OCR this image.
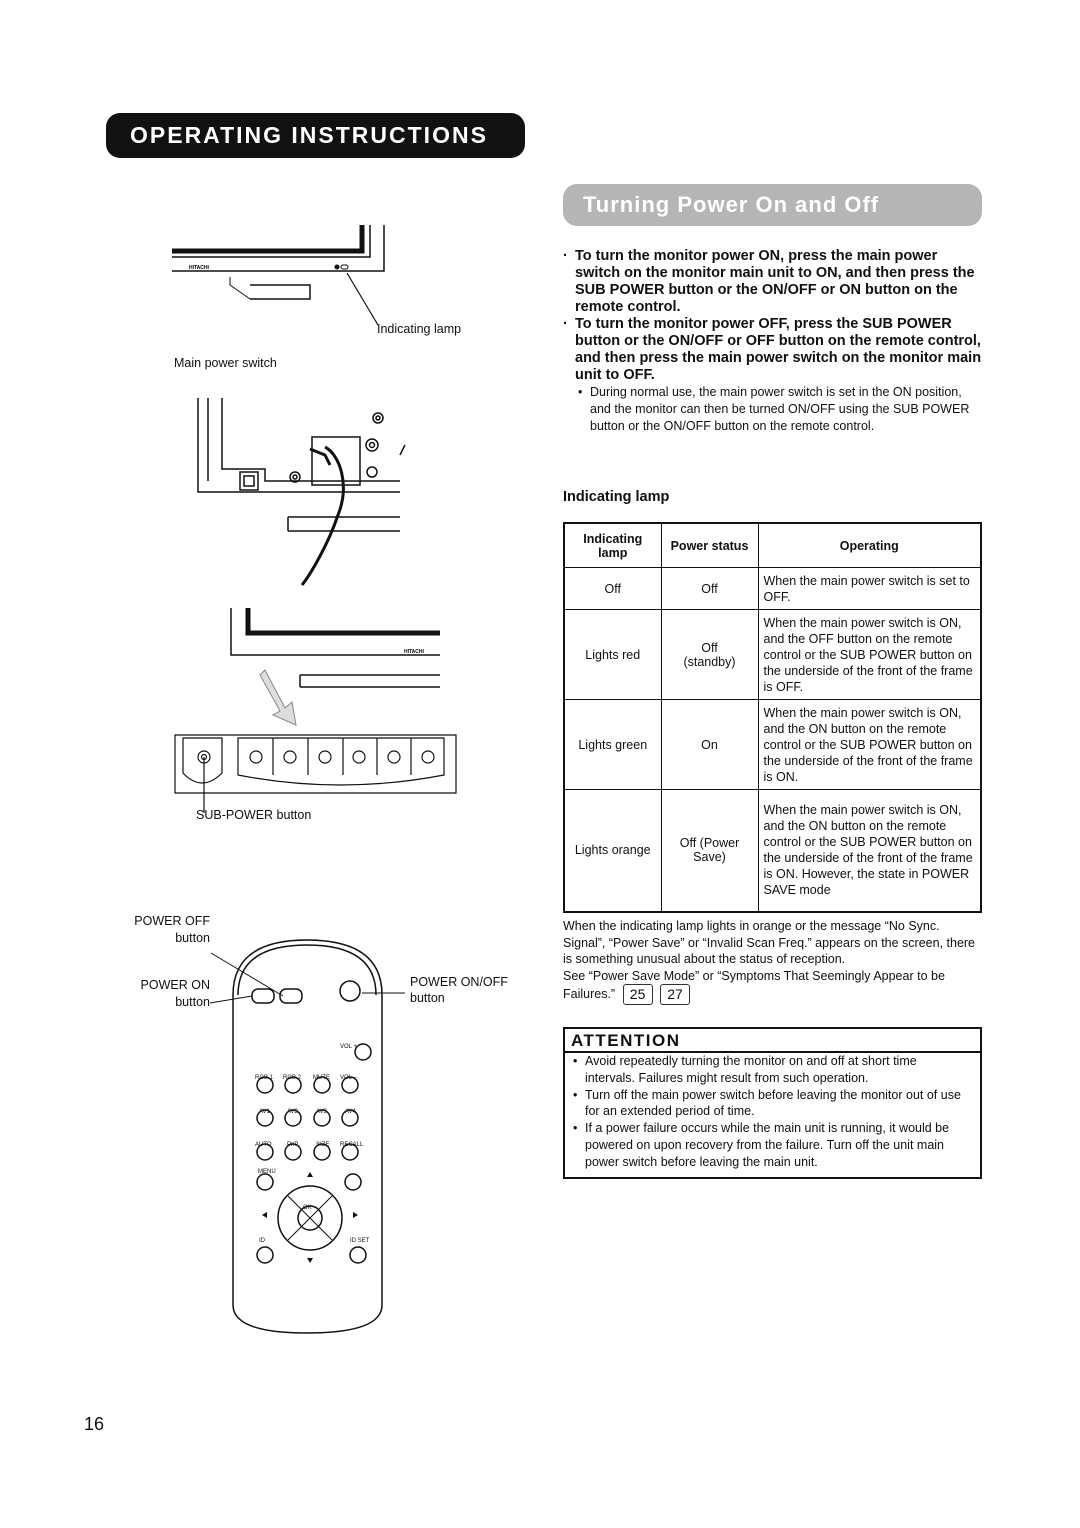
OPERATING INSTRUCTIONS
Turning Power On and Off
· To turn the monitor power ON, press the main power switch on the monitor main unit to ON, and then press the SUB POWER button or the ON/OFF or ON button on the remote control.
· To turn the monitor power OFF, press the SUB POWER button or the ON/OFF or OFF button on the remote control, and then press the main power switch on the monitor main unit to OFF.
• During normal use, the main power switch is set in the ON position, and the monitor can then be turned ON/OFF using the SUB POWER button or the ON/OFF button on the remote control.
Indicating lamp
Indicating lamp	Power status	Operating
Off	Off	When the main power switch is set to OFF.
Lights red	Off (standby)	When the main power switch is ON, and the OFF button on the remote control or the SUB POWER button on the underside of the front of the frame is OFF.
Lights green	On	When the main power switch is ON, and the ON button on the remote control or the SUB POWER button on the underside of the front of the frame is ON.
Lights orange	Off (Power Save)	When the main power switch is ON, and the ON button on the remote control or the SUB POWER button on the underside of the front of the frame is ON. However, the state in POWER SAVE mode
When the indicating lamp lights in orange or the message “No Sync. Signal”, “Power Save” or “Invalid Scan Freq.” appears on the screen, there is something unusual about the status of reception.
See “Power Save Mode” or “Symptoms That Seemingly Appear to be Failures.” 25 27
ATTENTION
• Avoid repeatedly turning the monitor on and off at short time intervals. Failures might result from such operation.
• Turn off the main power switch before leaving the monitor out of use for an extended period of time.
• If a power failure occurs while the main unit is running, it would be powered on upon recovery from the failure. Turn off the unit main power switch before leaving the main unit.
HITACHI
HITACHI
VOL +
RGB 1 RGB 2 MUTE VOL −
AV1	AV2	AV3	AV4
AUTO	PnP	SIZE RECALL
MENU
OK
ID	ID SET
Indicating lamp
Main power switch
SUB-POWER button
POWER OFF
button
POWER ON
button
POWER ON/OFF
button
16
